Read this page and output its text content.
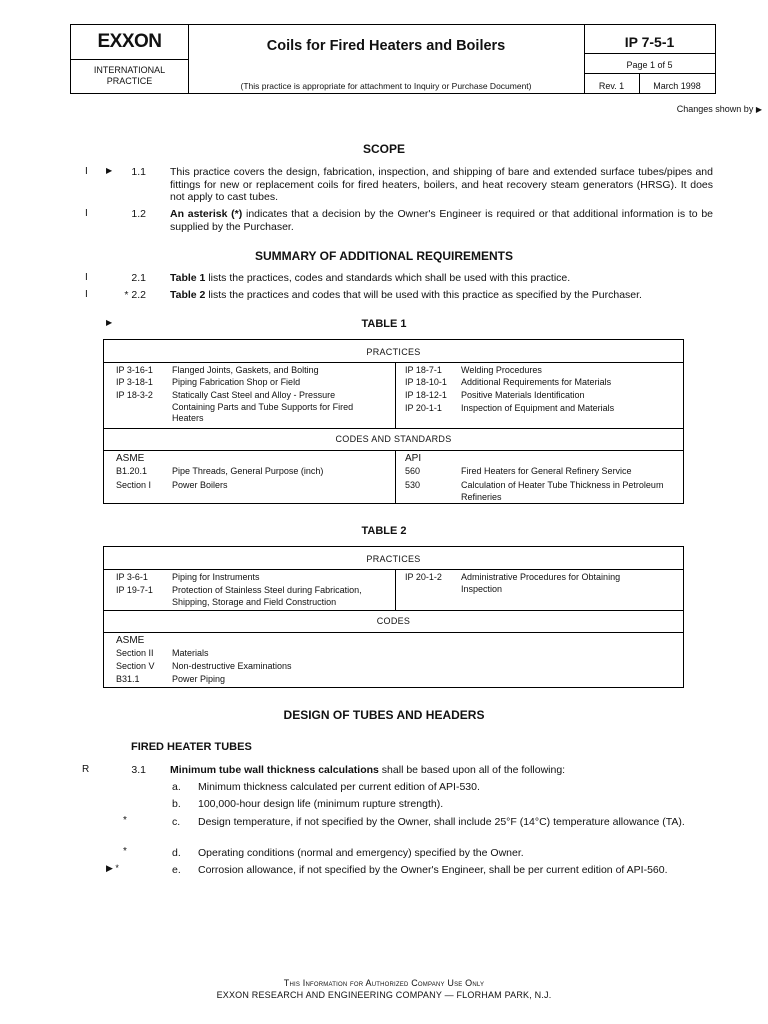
EXXON
INTERNATIONAL
PRACTICE
Coils for Fired Heaters and Boilers
(This practice is appropriate for attachment to Inquiry or Purchase Document)
IP 7-5-1
Page 1 of 5
Rev. 1	March 1998
Changes shown by ▶
SCOPE
I ▶	1.1 This practice covers the design, fabrication, inspection, and shipping of bare and extended surface tubes/pipes and fittings for new or replacement coils for fired heaters, boilers, and heat recovery steam generators (HRSG). It does not apply to cast tubes.
I	1.2 An asterisk (*) indicates that a decision by the Owner's Engineer is required or that additional information is to be supplied by the Purchaser.
SUMMARY OF ADDITIONAL REQUIREMENTS
I	2.1 Table 1 lists the practices, codes and standards which shall be used with this practice.
I	* 2.2 Table 2 lists the practices and codes that will be used with this practice as specified by the Purchaser.
▶	TABLE 1
PRACTICES
IP 3-16-1	Flanged Joints, Gaskets, and Bolting
IP 3-18-1	Piping Fabrication Shop or Field
IP 18-3-2	Statically Cast Steel and Alloy - Pressure Containing Parts and Tube Supports for Fired Heaters
IP 18-7-1	Welding Procedures
IP 18-10-1	Additional Requirements for Materials
IP 18-12-1	Positive Materials Identification
IP 20-1-1	Inspection of Equipment and Materials
CODES AND STANDARDS
ASME
B1.20.1	Pipe Threads, General Purpose (inch)
Section I	Power Boilers
API
560	Fired Heaters for General Refinery Service
530	Calculation of Heater Tube Thickness in Petroleum Refineries
TABLE 2
PRACTICES
IP 3-6-1	Piping for Instruments
IP 19-7-1	Protection of Stainless Steel during Fabrication, Shipping, Storage and Field Construction
IP 20-1-2	Administrative Procedures for Obtaining Inspection
CODES
ASME
Section II	Materials
Section V	Non-destructive Examinations
B31.1	Power Piping
DESIGN OF TUBES AND HEADERS
FIRED HEATER TUBES
R	3.1 Minimum tube wall thickness calculations shall be based upon all of the following:
a.	Minimum thickness calculated per current edition of API-530.
b.	100,000-hour design life (minimum rupture strength).
*	c.	Design temperature, if not specified by the Owner, shall include 25°F (14°C) temperature allowance (TA).
*	d.	Operating conditions (normal and emergency) specified by the Owner.
▶ *	e.	Corrosion allowance, if not specified by the Owner's Engineer, shall be per current edition of API-560.
This Information for Authorized Company Use Only
EXXON RESEARCH AND ENGINEERING COMPANY — FLORHAM PARK, N.J.
